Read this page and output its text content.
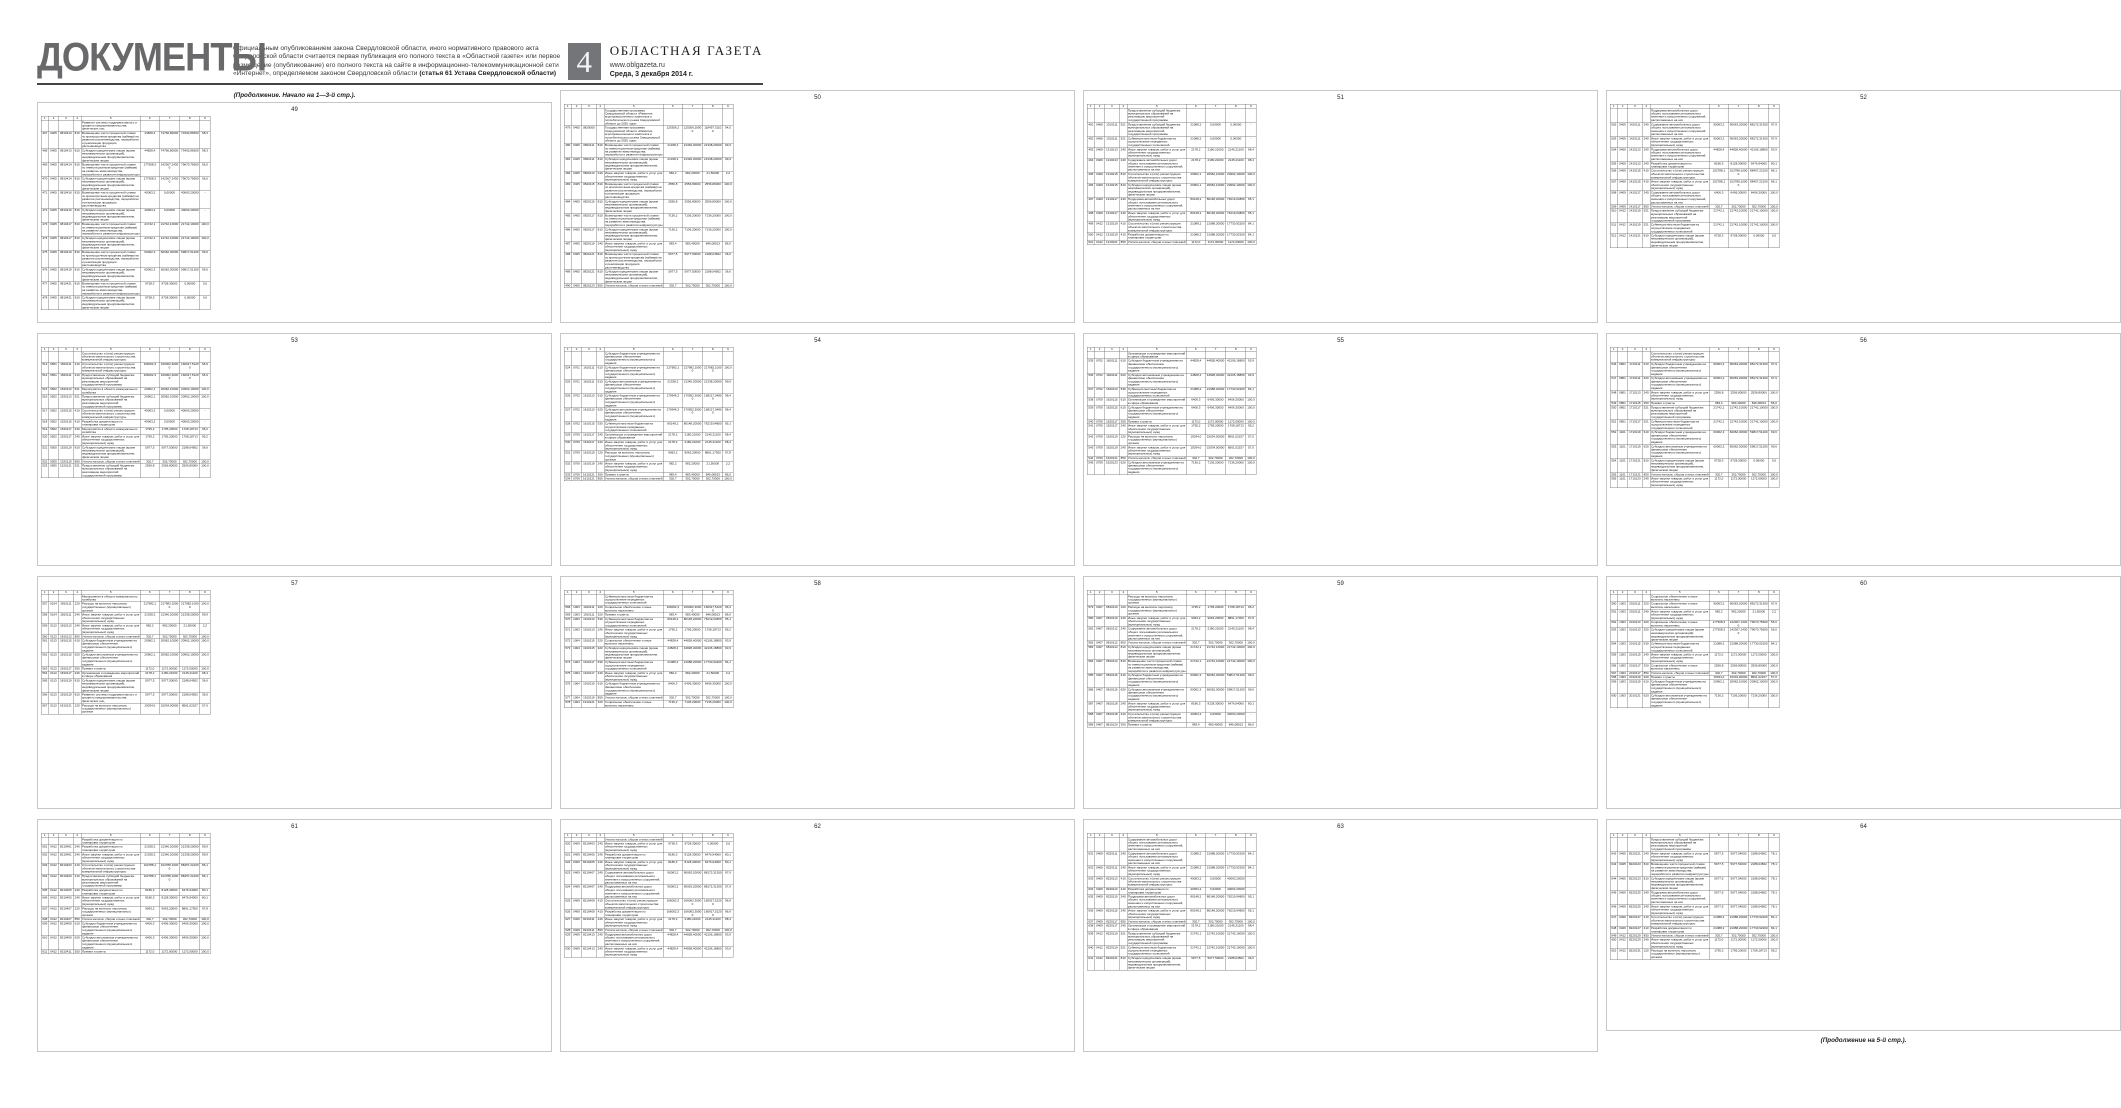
ДОКУМЕНТЫ
Официальным опубликованием закона Свердловской области, иного нормативного правового акта Свердловской области считается первая публикация его полного текста в «Областной газете» или первое размещение (опубликование) его полного текста на сайте в информационно-телекоммуникационной сети «Интернет», определяемом законом Свердловской области (статья 61 Устава Свердловской области) 4	ОБЛАСТНАЯ ГАЗЕТА
www.oblgazeta.ru
Среда, 3 декабря 2014 г.
(Продолжение. Начало на 1—3-й стр.).
49
1	2	3	4	5	6	7	8	9
				Развитие системы поддержки малого и среднего предпринимательства, физических лиц				
467	0405	0810413	810	Возмещение части процентной ставки по краткосрочным кредитам (займам) на развитие растениеводства, переработки и реализации продукции растениеводства	44828,4	74766,80000	73492,86500	98,3
468	0405	0810413	810	Субсидии юридическим лицам (кроме некоммерческих организаций), индивидуальным предпринимателям, физическим лицам	44828,4	74766,80000	73492,86500	98,3
469	0405	0810414	810	Возмещение части процентной ставки по инвестиционным кредитам (займам) на развитие животноводства, переработки и развития инфраструктуры	177508,3	142307,14300	79670,75600	56,0
470	0405	0810414	810	Субсидии юридическим лицам (кроме некоммерческих организаций), индивидуальным предпринимателям, физическим лицам	177508,3	142307,14300	79670,75600	56,0
471	0405	0810416	810	Возмещение части процентной ставки по краткосрочным кредитам (займам) на развитие растениеводства, переработки и реализации продукции растениеводства	40063,2	0,00000	40063,20000	-
472	0405	0810416	810	Субсидии юридическим лицам (кроме некоммерческих организаций), индивидуальным предпринимателям, физическим лицам	40063,2	0,00000	40063,20000	-
473	0405	0810417	810	Возмещение части процентной ставки по инвестиционным кредитам (займам) на развитие животноводства, переработки и развития инфраструктуры	21742,1	21742,10000	21742,10000	100,0
474	0405	0810417	810	Субсидии юридическим лицам (кроме некоммерческих организаций), индивидуальным предпринимателям, физическим лицам	21742,1	21742,10000	21742,10000	100,0
475	0405	0810419	810	Возмещение части процентной ставки по краткосрочным кредитам (займам) на развитие растениеводства, переработки и реализации продукции растениеводства	60062,3	60062,30000	59817,51200	99,6
476	0405	0810419	810	Субсидии юридическим лицам (кроме некоммерческих организаций), индивидуальным предпринимателям, физическим лицам	60062,3	60062,30000	59817,51200	99,6
477	0405	0810421	810	Возмещение части процентной ставки по инвестиционным кредитам (займам) на развитие животноводства, переработки и развития инфраструктуры	9728,3	9728,30000	0,00000	0,0
478	0405	0810421	810	Субсидии юридическим лицам (кроме некоммерческих организаций), индивидуальным предпринимателям, физическим лицам	9728,3	9728,30000	0,00000	0,0
50
1	2	3	4	5	6	7	8	9
				Государственная программа Свердловской области «Развитие агропромышленного комплекса и потребительского рынка Свердловской области до 2020 года»				
479	0405	0820000		Государственная программа Свердловской области «Развитие агропромышленного комплекса и потребительского рынка Свердловской области до 2020 года»	125306,2	125306,20000	118457,31100	94,5
480	0405	0820111	810	Возмещение части процентной ставки по инвестиционным кредитам (займам) на развитие животноводства, переработки и развития инфраструктуры	21338,2	21340,20000	21338,20000	99,9
481	0405	0820111	810	Субсидии юридическим лицам (кроме некоммерческих организаций), индивидуальным предпринимателям, физическим лицам	21338,2	21340,20000	21338,20000	99,9
482	0405	0820113	240	Иные закупки товаров, работ и услуг для обеспечения государственных (муниципальных) нужд	982,2	982,20000	21,50000	2,2
483	0405	0820115	810	Возмещение части процентной ставки по краткосрочным кредитам (займам) на развитие растениеводства, переработки и реализации продукции растениеводства	2556,8	2556,80000	2556,80000	100,0
484	0405	0820115	810	Субсидии юридическим лицам (кроме некоммерческих организаций), индивидуальным предпринимателям, физическим лицам	2556,8	2556,80000	2556,80000	100,0
485	0405	0820117	810	Возмещение части процентной ставки по инвестиционным кредитам (займам) на развитие животноводства, переработки и развития инфраструктуры	7136,2	7136,20000	7136,20000	100,0
486	0405	0820117	810	Субсидии юридическим лицам (кроме некоммерческих организаций), индивидуальным предпринимателям, физическим лицам	7136,2	7136,20000	7136,20000	100,0
487	0405	0820119	240	Иные закупки товаров, работ и услуг для обеспечения государственных (муниципальных) нужд	983,4	983,40000	846,08013	86,0
488	0405	0820121	810	Возмещение части процентной ставки по краткосрочным кредитам (займам) на развитие растениеводства, переработки и реализации продукции растениеводства	5977,5	5977,50000	2188,04562	36,6
489	0405	0820121	810	Субсидии юридическим лицам (кроме некоммерческих организаций), индивидуальным предпринимателям, физическим лицам	5977,5	5977,50000	2188,04562	36,6
490	0405	0820123	850	Уплата налогов, сборов и иных платежей	302,7	302,70000	302,70000	100,0
51
1	2	3	4	5	6	7	8	9
				Предоставление субсидий бюджетам муниципальных образований на реализацию мероприятий государственной программы				
491	0406	1310111	521	Предоставление субсидий бюджетам муниципальных образований на реализацию мероприятий государственной программы	21088,2	0,00000	0,00000	-
492	0406	1310111	521	Субвенции местным бюджетам на осуществление переданных государственных полномочий	21088,2	0,00000	0,00000	-
493	0409	1310213	240	Иные закупки товаров, работ и услуг для обеспечения государственных (муниципальных) нужд	2178,2	2180,21000	2145,21100	98,4
494	0409	1310213	240	Содержание автомобильных дорог общего пользования регионального значения и искусственных сооружений, расположенных на них	2178,2	2180,21000	2145,21100	98,4
495	0409	1310215	810	Строительство и (или) реконструкция объектов капитального строительства коммунальной инфраструктуры	20962,1	20962,10000	20962,10000	100,0
496	0409	1310215	810	Субсидии юридическим лицам (кроме некоммерческих организаций), индивидуальным предпринимателям, физическим лицам	20962,1	20962,10000	20962,10000	100,0
497	0409	1310217	240	Поддержка автомобильных дорог общего пользования регионального значения и искусственных сооружений, расположенных на них	80148,2	80148,20000	76219,04800	95,1
498	0409	1310217	240	Иные закупки товаров, работ и услуг для обеспечения государственных (муниципальных) нужд	80148,2	80148,20000	76219,04800	95,1
499	0412	1310219	410	Строительство и (или) реконструкция объектов капитального строительства коммунальной инфраструктуры	21088,2	21088,20000	17730,92200	84,1
500	0412	1310219	410	Разработка документации по планировке территории	21088,2	21088,20000	17730,92200	84,1
501	0412	1310221	850	Уплата налогов, сборов и иных платежей	1172,0	1172,00000	1172,00000	100,0
52
1	2	3	4	5	6	7	8	9
				Поддержка автомобильных дорог общего пользования регионального значения и искусственных сооружений, расположенных на них				
502	0409	1410111	240	Содержание автомобильных дорог общего пользования регионального значения и искусственных сооружений, расположенных на них	90063,2	90063,20000	88172,31300	97,9
503	0409	1410111	240	Иные закупки товаров, работ и услуг для обеспечения государственных (муниципальных) нужд	90063,2	90063,20000	88172,31300	97,9
504	0409	1410113	240	Поддержка автомобильных дорог общего пользования регионального значения и искусственных сооружений, расположенных на них	44828,4	44828,40000	42106,18800	93,9
505	0409	1410113	240	Разработка документации по планировке территории	8186,3	8128,30000	6476,94000	80,1
506	0409	1410115	410	Строительство и (или) реконструкция объектов капитального строительства коммунальной инфраструктуры	102788,1	102788,10000	88457,22100	86,1
507	0409	1410115	410	Иные закупки товаров, работ и услуг для обеспечения государственных (муниципальных) нужд	102788,1	102788,10000	88457,22100	86,1
508	0409	1410117	240	Содержание автомобильных дорог общего пользования регионального значения и искусственных сооружений, расположенных на них	6406,3	6406,30000	6406,30000	100,0
509	0409	1410117	850	Уплата налогов, сборов и иных платежей	302,7	302,70000	302,70000	100,0
510	0412	1410119	521	Предоставление субсидий бюджетам муниципальных образований на реализацию мероприятий государственной программы	21742,1	21742,10000	21742,10000	100,0
511	0412	1410119	521	Субвенции местным бюджетам на осуществление переданных государственных полномочий	21742,1	21742,10000	21742,10000	100,0
512	0412	1410121	810	Субсидии юридическим лицам (кроме некоммерческих организаций), индивидуальным предпринимателям, физическим лицам	9728,3	9728,30000	0,00000	0,0
53
1	2	3	4	5	6	7	8	9
				Строительство и (или) реконструкция объектов капитального строительства коммунальной инфраструктуры				
513	0501	1520111	410	Строительство и (или) реконструкция объектов капитального строительства коммунальной инфраструктуры	166062,3	166062,30000	160917,51200	96,9
514	0501	1520111	410	Предоставление субсидий бюджетам муниципальных образований на реализацию мероприятий государственной программы	166062,3	166062,30000	160917,51200	96,9
515	0502	1520113	521	Мероприятия в области коммунального хозяйства	20962,1	20962,10000	20962,10000	100,0
516	0502	1520113	521	Предоставление субсидий бюджетам муниципальных образований на реализацию мероприятий государственной программы	20962,1	20962,10000	20962,10000	100,0
517	0502	1520115	410	Строительство и (или) реконструкция объектов капитального строительства коммунальной инфраструктуры	40063,2	0,00000	40063,20000	-
518	0502	1520115	410	Разработка документации по планировке территории	40063,2	0,00000	40063,20000	-
519	0502	1520117	240	Мероприятия в области коммунального хозяйства	1795,2	1795,20000	1708,18713	95,2
520	0502	1520117	240	Иные закупки товаров, работ и услуг для обеспечения государственных (муниципальных) нужд	1795,2	1795,20000	1708,18713	95,2
521	0505	1520119	810	Субсидии юридическим лицам (кроме некоммерческих организаций), индивидуальным предпринимателям, физическим лицам	5977,5	5977,50000	2188,04562	36,6
522	0505	1520119	850	Уплата налогов, сборов и иных платежей	302,7	302,70000	302,70000	100,0
523	0505	1520121	521	Предоставление субсидий бюджетам муниципальных образований на реализацию мероприятий государственной программы	2556,8	2556,80000	2556,80000	100,0
54
1	2	3	4	5	6	7	8	9
				Субсидии бюджетным учреждениям на финансовое обеспечение государственного (муниципального) задания				
524	0701	1610111	610	Субсидии бюджетным учреждениям на финансовое обеспечение государственного (муниципального) задания	217982,1	217982,10000	217982,10000	100,0
525	0701	1610111	610	Субсидии автономным учреждениям на финансовое обеспечение государственного (муниципального) задания	21338,2	21340,20000	21338,20000	99,9
526	0702	1610113	610	Субсидии бюджетным учреждениям на финансовое обеспечение государственного (муниципального) задания	170946,3	170952,30000	168217,04800	98,4
527	0702	1610113	620	Субсидии автономным учреждениям на финансовое обеспечение государственного (муниципального) задания	170946,3	170952,30000	168217,04800	98,4
528	0702	1610115	530	Субвенции местным бюджетам на осуществление переданных государственных полномочий	80148,2	80148,20000	76219,04800	95,1
529	0709	1610117	240	Организация и проведение мероприятий в сфере образования	2178,2	2180,21000	2145,21100	98,4
530	0709	1610117	240	Иные закупки товаров, работ и услуг для обеспечения государственных (муниципальных) нужд	2178,2	2180,21000	2145,21100	98,4
531	0709	1610119	120	Расходы на выплаты персоналу государственных (муниципальных) органов	9063,2	9063,20000	8861,17300	97,8
532	0709	1610119	240	Иные закупки товаров, работ и услуг для обеспечения государственных (муниципальных) нужд	982,2	982,20000	21,50000	2,2
533	0709	1610121	350	Премии и гранты	983,4	983,40000	846,08013	86,0
534	0709	1610121	850	Уплата налогов, сборов и иных платежей	302,7	302,70000	302,70000	100,0
55
1	2	3	4	5	6	7	8	9
				Организация и проведение мероприятий в сфере образования				
535	0702	1620111	610	Субсидии бюджетным учреждениям на финансовое обеспечение государственного (муниципального) задания	44828,4	44828,40000	42106,18800	93,9
536	0702	1620111	620	Субсидии автономным учреждениям на финансовое обеспечение государственного (муниципального) задания	44828,4	44828,40000	42106,18800	93,9
537	0702	1620113	530	Субвенции местным бюджетам на осуществление переданных государственных полномочий	21088,2	21088,20000	17730,92200	84,1
538	0709	1620115	610	Организация и проведение мероприятий в сфере образования	6406,3	6406,30000	6406,30000	100,0
539	0709	1620115	610	Субсидии бюджетным учреждениям на финансовое обеспечение государственного (муниципального) задания	6406,3	6406,30000	6406,30000	100,0
540	0709	1620117	350	Премии и гранты	1172,0	1172,00000	1172,00000	100,0
541	0709	1620117	240	Иные закупки товаров, работ и услуг для обеспечения государственных (муниципальных) нужд	1795,2	1795,20000	1708,18713	95,2
542	0709	1620119	120	Расходы на выплаты персоналу государственных (муниципальных) органов	15034,0	15034,00000	8561,02157	57,0
543	0709	1620119	240	Иные закупки товаров, работ и услуг для обеспечения государственных (муниципальных) нужд	15034,0	15034,00000	8561,02157	57,0
544	0709	1620121	850	Уплата налогов, сборов и иных платежей	302,7	302,70000	302,70000	100,0
545	0709	1620123	620	Субсидии автономным учреждениям на финансовое обеспечение государственного (муниципального) задания	7136,2	7136,20000	7136,20000	100,0
56
1	2	3	4	5	6	7	8	9
				Строительство и (или) реконструкция объектов капитального строительства коммунальной инфраструктуры				
546	0801	1710111	610	Субсидии бюджетным учреждениям на финансовое обеспечение государственного (муниципального) задания	90063,2	90063,20000	88172,31300	97,9
547	0801	1710111	620	Субсидии автономным учреждениям на финансовое обеспечение государственного (муниципального) задания	90063,2	90063,20000	88172,31300	97,9
548	0801	1710113	240	Иные закупки товаров, работ и услуг для обеспечения государственных (муниципальных) нужд	2556,8	2556,80000	2556,80000	100,0
549	0801	1710115	350	Премии и гранты	983,4	983,40000	846,08013	86,0
550	0801	1710117	521	Предоставление субсидий бюджетам муниципальных образований на реализацию мероприятий государственной программы	21742,1	21742,10000	21742,10000	100,0
551	0801	1710117	521	Субвенции местным бюджетам на осуществление переданных государственных полномочий	21742,1	21742,10000	21742,10000	100,0
552	1101	1710119	610	Субсидии бюджетным учреждениям на финансовое обеспечение государственного (муниципального) задания	60062,3	60062,30000	59817,51200	99,6
553	1101	1710119	620	Субсидии автономным учреждениям на финансовое обеспечение государственного (муниципального) задания	60062,3	60062,30000	59817,51200	99,6
554	1101	1710121	810	Субсидии юридическим лицам (кроме некоммерческих организаций), индивидуальным предпринимателям, физическим лицам	9728,3	9728,30000	0,00000	0,0
555	1101	1710121	850	Уплата налогов, сборов и иных платежей	302,7	302,70000	302,70000	100,0
556	1101	1710123	240	Иные закупки товаров, работ и услуг для обеспечения государственных (муниципальных) нужд	1172,0	1172,00000	1172,00000	100,0
57
1	2	3	4	5	6	7	8	9
				Мероприятия в области коммунального хозяйства				
557	0104	1810111	120	Расходы на выплаты персоналу государственных (муниципальных) органов	217982,1	217982,10000	217982,10000	100,0
558	0104	1810111	240	Иные закупки товаров, работ и услуг для обеспечения государственных (муниципальных) нужд	21338,2	21340,20000	21338,20000	99,9
559	0113	1810113	240	Иные закупки товаров, работ и услуг для обеспечения государственных (муниципальных) нужд	982,2	982,20000	21,50000	2,2
560	0113	1810113	850	Уплата налогов, сборов и иных платежей	302,7	302,70000	302,70000	100,0
561	0113	1810115	610	Субсидии бюджетным учреждениям на финансовое обеспечение государственного (муниципального) задания	20962,1	20962,10000	20962,10000	100,0
562	0113	1810115	620	Субсидии автономным учреждениям на финансовое обеспечение государственного (муниципального) задания	20962,1	20962,10000	20962,10000	100,0
563	0113	1810117	350	Премии и гранты	1172,0	1172,00000	1172,00000	100,0
564	0113	1810117	240	Организация и проведение мероприятий в сфере образования	2178,2	2180,21000	2145,21100	98,4
565	0113	1810119	810	Субсидии юридическим лицам (кроме некоммерческих организаций), индивидуальным предпринимателям, физическим лицам	5977,5	5977,50000	2188,04562	36,6
566	0113	1810119	810	Развитие системы поддержки малого и среднего предпринимательства, физических лиц	5977,5	5977,50000	2188,04562	36,6
567	0113	1810121	120	Расходы на выплаты персоналу государственных (муниципальных) органов	15034,0	15034,00000	8561,02157	57,0
58
1	2	3	4	5	6	7	8	9
				Субвенции местным бюджетам на осуществление переданных государственных полномочий				
568	1003	1910111	320	Социальное обеспечение и иные выплаты населению	166062,3	166062,30000	160917,51200	96,9
569	1003	1910111	320	Премии и гранты	983,4	983,40000	846,08013	86,0
570	1003	1910113	530	Субвенции местным бюджетам на осуществление переданных государственных полномочий	80148,2	80148,20000	76219,04800	95,1
571	1003	1910113	240	Иные закупки товаров, работ и услуг для обеспечения государственных (муниципальных) нужд	1795,2	1795,20000	1708,18713	95,2
572	1004	1910115	320	Социальное обеспечение и иные выплаты населению	44828,4	44828,40000	42106,18800	93,9
573	1004	1910115	320	Субсидии юридическим лицам (кроме некоммерческих организаций), индивидуальным предпринимателям, физическим лицам	44828,4	44828,40000	42106,18800	93,9
574	1004	1910117	530	Субвенции местным бюджетам на осуществление переданных государственных полномочий	21088,2	21088,20000	17730,92200	84,1
575	1004	1910117	240	Иные закупки товаров, работ и услуг для обеспечения государственных (муниципальных) нужд	982,2	982,20000	21,50000	2,2
576	1004	1910119	610	Субсидии бюджетным учреждениям на финансовое обеспечение государственного (муниципального) задания	6406,3	6406,30000	6406,30000	100,0
577	1004	1910119	850	Уплата налогов, сборов и иных платежей	302,7	302,70000	302,70000	100,0
578	1004	1910121	320	Социальное обеспечение и иные выплаты населению	7136,2	7136,20000	7136,20000	100,0
59
1	2	3	4	5	6	7	8	9
				Расходы на выплаты персоналу государственных (муниципальных) органов				
579	0407	0810110	120	Расходы на выплаты персоналу государственных (муниципальных) органов	1795,2	1795,20000	1708,18713	95,2
580	0407	0810110	240	Иные закупки товаров, работ и услуг для обеспечения государственных (муниципальных) нужд	9063,2	9063,20000	8861,17300	97,8
581	0407	0810112	240	Содержание автомобильных дорог общего пользования регионального значения и искусственных сооружений, расположенных на них	2178,2	2180,21000	2145,21100	98,4
582	0407	0810112	850	Уплата налогов, сборов и иных платежей	302,7	302,70000	302,70000	100,0
583	0407	0810114	810	Субсидии юридическим лицам (кроме некоммерческих организаций), индивидуальным предпринимателям, физическим лицам	21742,1	21742,10000	21742,10000	100,0
584	0407	0810114	810	Возмещение части процентной ставки по инвестиционным кредитам (займам) на развитие животноводства, переработки и развития инфраструктуры	21742,1	21742,10000	21742,10000	100,0
585	0407	0810116	610	Субсидии бюджетным учреждениям на финансовое обеспечение государственного (муниципального) задания	60062,3	60062,30000	59817,51200	99,6
586	0407	0810116	620	Субсидии автономным учреждениям на финансовое обеспечение государственного (муниципального) задания	60062,3	60062,30000	59817,51200	99,6
587	0407	0810118	240	Иные закупки товаров, работ и услуг для обеспечения государственных (муниципальных) нужд	8186,3	8128,30000	6476,94000	80,1
588	0407	0810118	410	Строительство и (или) реконструкция объектов капитального строительства коммунальной инфраструктуры	40063,2	0,00000	40063,20000	-
589	0407	0810120	350	Премии и гранты	983,4	983,40000	846,08013	86,0
60
1	2	3	4	5	6	7	8	9
				Социальное обеспечение и иные выплаты населению				
590	1003	2010111	320	Социальное обеспечение и иные выплаты населению	90063,2	90063,20000	88172,31300	97,9
591	1003	2010111	240	Иные закупки товаров, работ и услуг для обеспечения государственных (муниципальных) нужд	982,2	982,20000	21,50000	2,2
592	1003	2010113	320	Социальное обеспечение и иные выплаты населению	177508,3	142307,14300	79670,75600	56,0
593	1003	2010113	320	Субсидии юридическим лицам (кроме некоммерческих организаций), индивидуальным предпринимателям, физическим лицам	177508,3	142307,14300	79670,75600	56,0
594	1003	2010115	530	Субвенции местным бюджетам на осуществление переданных государственных полномочий	21088,2	21088,20000	17730,92200	84,1
595	1003	2010115	240	Иные закупки товаров, работ и услуг для обеспечения государственных (муниципальных) нужд	1172,0	1172,00000	1172,00000	100,0
596	1003	2010117	320	Социальное обеспечение и иные выплаты населению	2556,8	2556,80000	2556,80000	100,0
597	1003	2010117	850	Уплата налогов, сборов и иных платежей	302,7	302,70000	302,70000	100,0
598	1003	2010119	320	Премии и гранты	15034,0	15034,00000	8561,02157	57,0
599	1003	2010119	610	Субсидии бюджетным учреждениям на финансовое обеспечение государственного (муниципального) задания	20962,1	20962,10000	20962,10000	100,0
600	1003	2010121	620	Субсидии автономным учреждениям на финансовое обеспечение государственного (муниципального) задания	7136,2	7136,20000	7136,20000	100,0
61
1	2	3	4	5	6	7	8	9
				Разработка документации по планировке территории				
601	0412	8210401	240	Разработка документации по планировке территории	21338,2	21340,20000	21338,20000	99,9
602	0412	8210401	240	Иные закупки товаров, работ и услуг для обеспечения государственных (муниципальных) нужд	21338,2	21340,20000	21338,20000	99,9
603	0412	8210403	410	Строительство и (или) реконструкция объектов капитального строительства коммунальной инфраструктуры	102788,1	102788,10000	88457,22100	86,1
604	0412	8210403	410	Предоставление субсидий бюджетам муниципальных образований на реализацию мероприятий государственной программы	102788,1	102788,10000	88457,22100	86,1
605	0412	8210405	240	Разработка документации по планировке территории	8186,3	8128,30000	6476,94000	80,1
606	0412	8210405	240	Иные закупки товаров, работ и услуг для обеспечения государственных (муниципальных) нужд	8186,3	8128,30000	6476,94000	80,1
607	0412	8210407	120	Расходы на выплаты персоналу государственных (муниципальных) органов	9063,2	9063,20000	8861,17300	97,8
608	0412	8210407	850	Уплата налогов, сборов и иных платежей	302,7	302,70000	302,70000	100,0
609	0412	8210409	610	Субсидии бюджетным учреждениям на финансовое обеспечение государственного (муниципального) задания	6406,3	6406,30000	6406,30000	100,0
610	0412	8210409	620	Субсидии автономным учреждениям на финансовое обеспечение государственного (муниципального) задания	6406,3	6406,30000	6406,30000	100,0
611	0412	8210411	350	Премии и гранты	1172,0	1172,00000	1172,00000	100,0
62
1	2	3	4	5	6	7	8	9
				Уплата налогов, сборов и иных платежей				
620	0409	8210403	240	Иные закупки товаров, работ и услуг для обеспечения государственных (муниципальных) нужд	9728,3	9728,30000	0,00000	0,0
621	0409	8210405	240	Разработка документации по планировке территории	8186,3	8128,30000	6476,94000	80,1
622	0409	8210405	240	Иные закупки товаров, работ и услуг для обеспечения государственных (муниципальных) нужд	8186,3	8128,30000	6476,94000	80,1
623	0409	8210407	240	Содержание автомобильных дорог общего пользования регионального значения и искусственных сооружений, расположенных на них	90063,2	90063,20000	88172,31300	97,9
624	0409	8210407	240	Поддержка автомобильных дорог общего пользования регионального значения и искусственных сооружений, расположенных на них	90063,2	90063,20000	88172,31300	97,9
625	0409	8210409	410	Строительство и (или) реконструкция объектов капитального строительства коммунальной инфраструктуры	166062,3	166062,30000	160917,51200	96,9
626	0409	8210409	410	Разработка документации по планировке территории	166062,3	166062,30000	160917,51200	96,9
627	0409	8210411	240	Иные закупки товаров, работ и услуг для обеспечения государственных (муниципальных) нужд	2178,2	2180,21000	2145,21100	98,4
628	0409	8210411	850	Уплата налогов, сборов и иных платежей	302,7	302,70000	302,70000	100,0
629	0409	8210413	240	Поддержка автомобильных дорог общего пользования регионального значения и искусственных сооружений, расположенных на них	44828,4	44828,40000	42106,18800	93,9
630	0409	8210413	240	Иные закупки товаров, работ и услуг для обеспечения государственных (муниципальных) нужд	44828,4	44828,40000	42106,18800	93,9
63
1	2	3	4	5	6	7	8	9
				Содержание автомобильных дорог общего пользования регионального значения и искусственных сооружений, расположенных на них				
631	0409	8220111	240	Содержание автомобильных дорог общего пользования регионального значения и искусственных сооружений, расположенных на них	21088,2	21088,20000	17730,92200	84,1
632	0409	8220111	240	Иные закупки товаров, работ и услуг для обеспечения государственных (муниципальных) нужд	21088,2	21088,20000	17730,92200	84,1
633	0409	8220113	410	Строительство и (или) реконструкция объектов капитального строительства коммунальной инфраструктуры	40063,2	0,00000	40063,20000	-
634	0409	8220113	410	Разработка документации по планировке территории	40063,2	0,00000	40063,20000	-
635	0409	8220115	240	Поддержка автомобильных дорог общего пользования регионального значения и искусственных сооружений, расположенных на них	80148,2	80148,20000	76219,04800	95,1
636	0409	8220115	240	Иные закупки товаров, работ и услуг для обеспечения государственных (муниципальных) нужд	80148,2	80148,20000	76219,04800	95,1
637	0409	8220117	850	Уплата налогов, сборов и иных платежей	302,7	302,70000	302,70000	100,0
638	0409	8220117	240	Организация и проведение мероприятий в сфере образования	2178,2	2180,21000	2145,21100	98,4
639	0412	8220119	521	Предоставление субсидий бюджетам муниципальных образований на реализацию мероприятий государственной программы	21742,1	21742,10000	21742,10000	100,0
640	0412	8220119	521	Субвенции местным бюджетам на осуществление переданных государственных полномочий	21742,1	21742,10000	21742,10000	100,0
641	0412	8220121	810	Субсидии юридическим лицам (кроме некоммерческих организаций), индивидуальным предпринимателям, физическим лицам	5977,5	5977,50000	2188,04562	36,6
64
1	2	3	4	5	6	7	8	9
				Предоставление субсидий бюджетам муниципальных образований на реализацию мероприятий государственной программы				
642	0405	8220121	240	Иные закупки товаров, работ и услуг для обеспечения государственных (муниципальных) нужд	5977,5	5977,54000	2188,04562	78,1
643	0405	8220123	810	Возмещение части процентной ставки по инвестиционным кредитам (займам) на развитие животноводства, переработки и развития инфраструктуры	5977,5	5977,54000	2188,04562	78,1
644	0405	8220123	810	Субсидии юридическим лицам (кроме некоммерческих организаций), индивидуальным предпринимателям, физическим лицам	5977,5	5977,54000	2188,04562	78,1
645	0409	8220125	240	Поддержка автомобильных дорог общего пользования регионального значения и искусственных сооружений, расположенных на них	5977,5	5977,54000	2188,04562	78,1
646	0409	8220125	240	Иные закупки товаров, работ и услуг для обеспечения государственных (муниципальных) нужд	5977,5	5977,54000	2188,04562	78,1
647	0409	8220127	410	Строительство и (или) реконструкция объектов капитального строительства коммунальной инфраструктуры	21088,2	21088,20000	17730,92200	84,1
648	0409	8220127	410	Разработка документации по планировке территории	21088,2	21088,20000	17730,92200	84,1
649	0412	8220129	850	Уплата налогов, сборов и иных платежей	302,7	302,70000	302,70000	100,0
650	0412	8220129	240	Иные закупки товаров, работ и услуг для обеспечения государственных (муниципальных) нужд	1172,0	1172,00000	1172,00000	100,0
651	0412	8220131	120	Расходы на выплаты персоналу государственных (муниципальных) органов	1795,2	1795,20000	1708,18713	95,2
(Продолжение на 5-й стр.).
